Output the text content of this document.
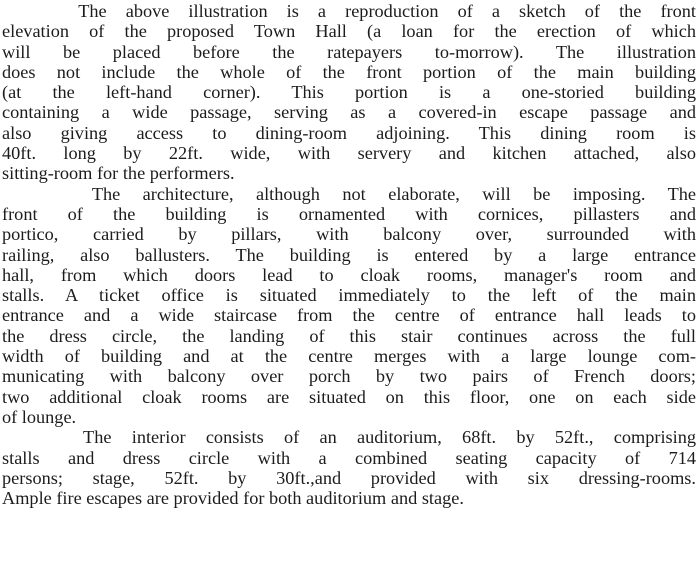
The above illustration is a reproduction of a sketch of the front
elevation of the proposed Town Hall (a loan for the erection of which
will be placed before the ratepayers to-morrow). The illustration
does not include the whole of the front portion of the main building
(at the left-hand corner). This portion is a one-storied building
containing a wide passage, serving as a covered-in escape passage and
also giving access to dining-room adjoining. This dining room is
40ft. long by 22ft. wide, with servery and kitchen attached, also
sitting-room for the performers.
The architecture, although not elaborate, will be imposing. The
front of the building is ornamented with cornices, pillasters and
portico, carried by pillars, with balcony over, surrounded with
railing, also ballusters. The building is entered by a large entrance
hall, from which doors lead to cloak rooms, manager's room and
stalls. A ticket office is situated immediately to the left of the main
entrance and a wide staircase from the centre of entrance hall leads to
the dress circle, the landing of this stair continues across the full
width of building and at the centre merges with a large lounge com-
municating with balcony over porch by two pairs of French doors;
two additional cloak rooms are situated on this floor, one on each side
of lounge.
The interior consists of an auditorium, 68ft. by 52ft., comprising
stalls and dress circle with a combined seating capacity of 714
persons; stage, 52ft. by 30ft.,and provided with six dressing-rooms.
Ample fire escapes are provided for both auditorium and stage.
